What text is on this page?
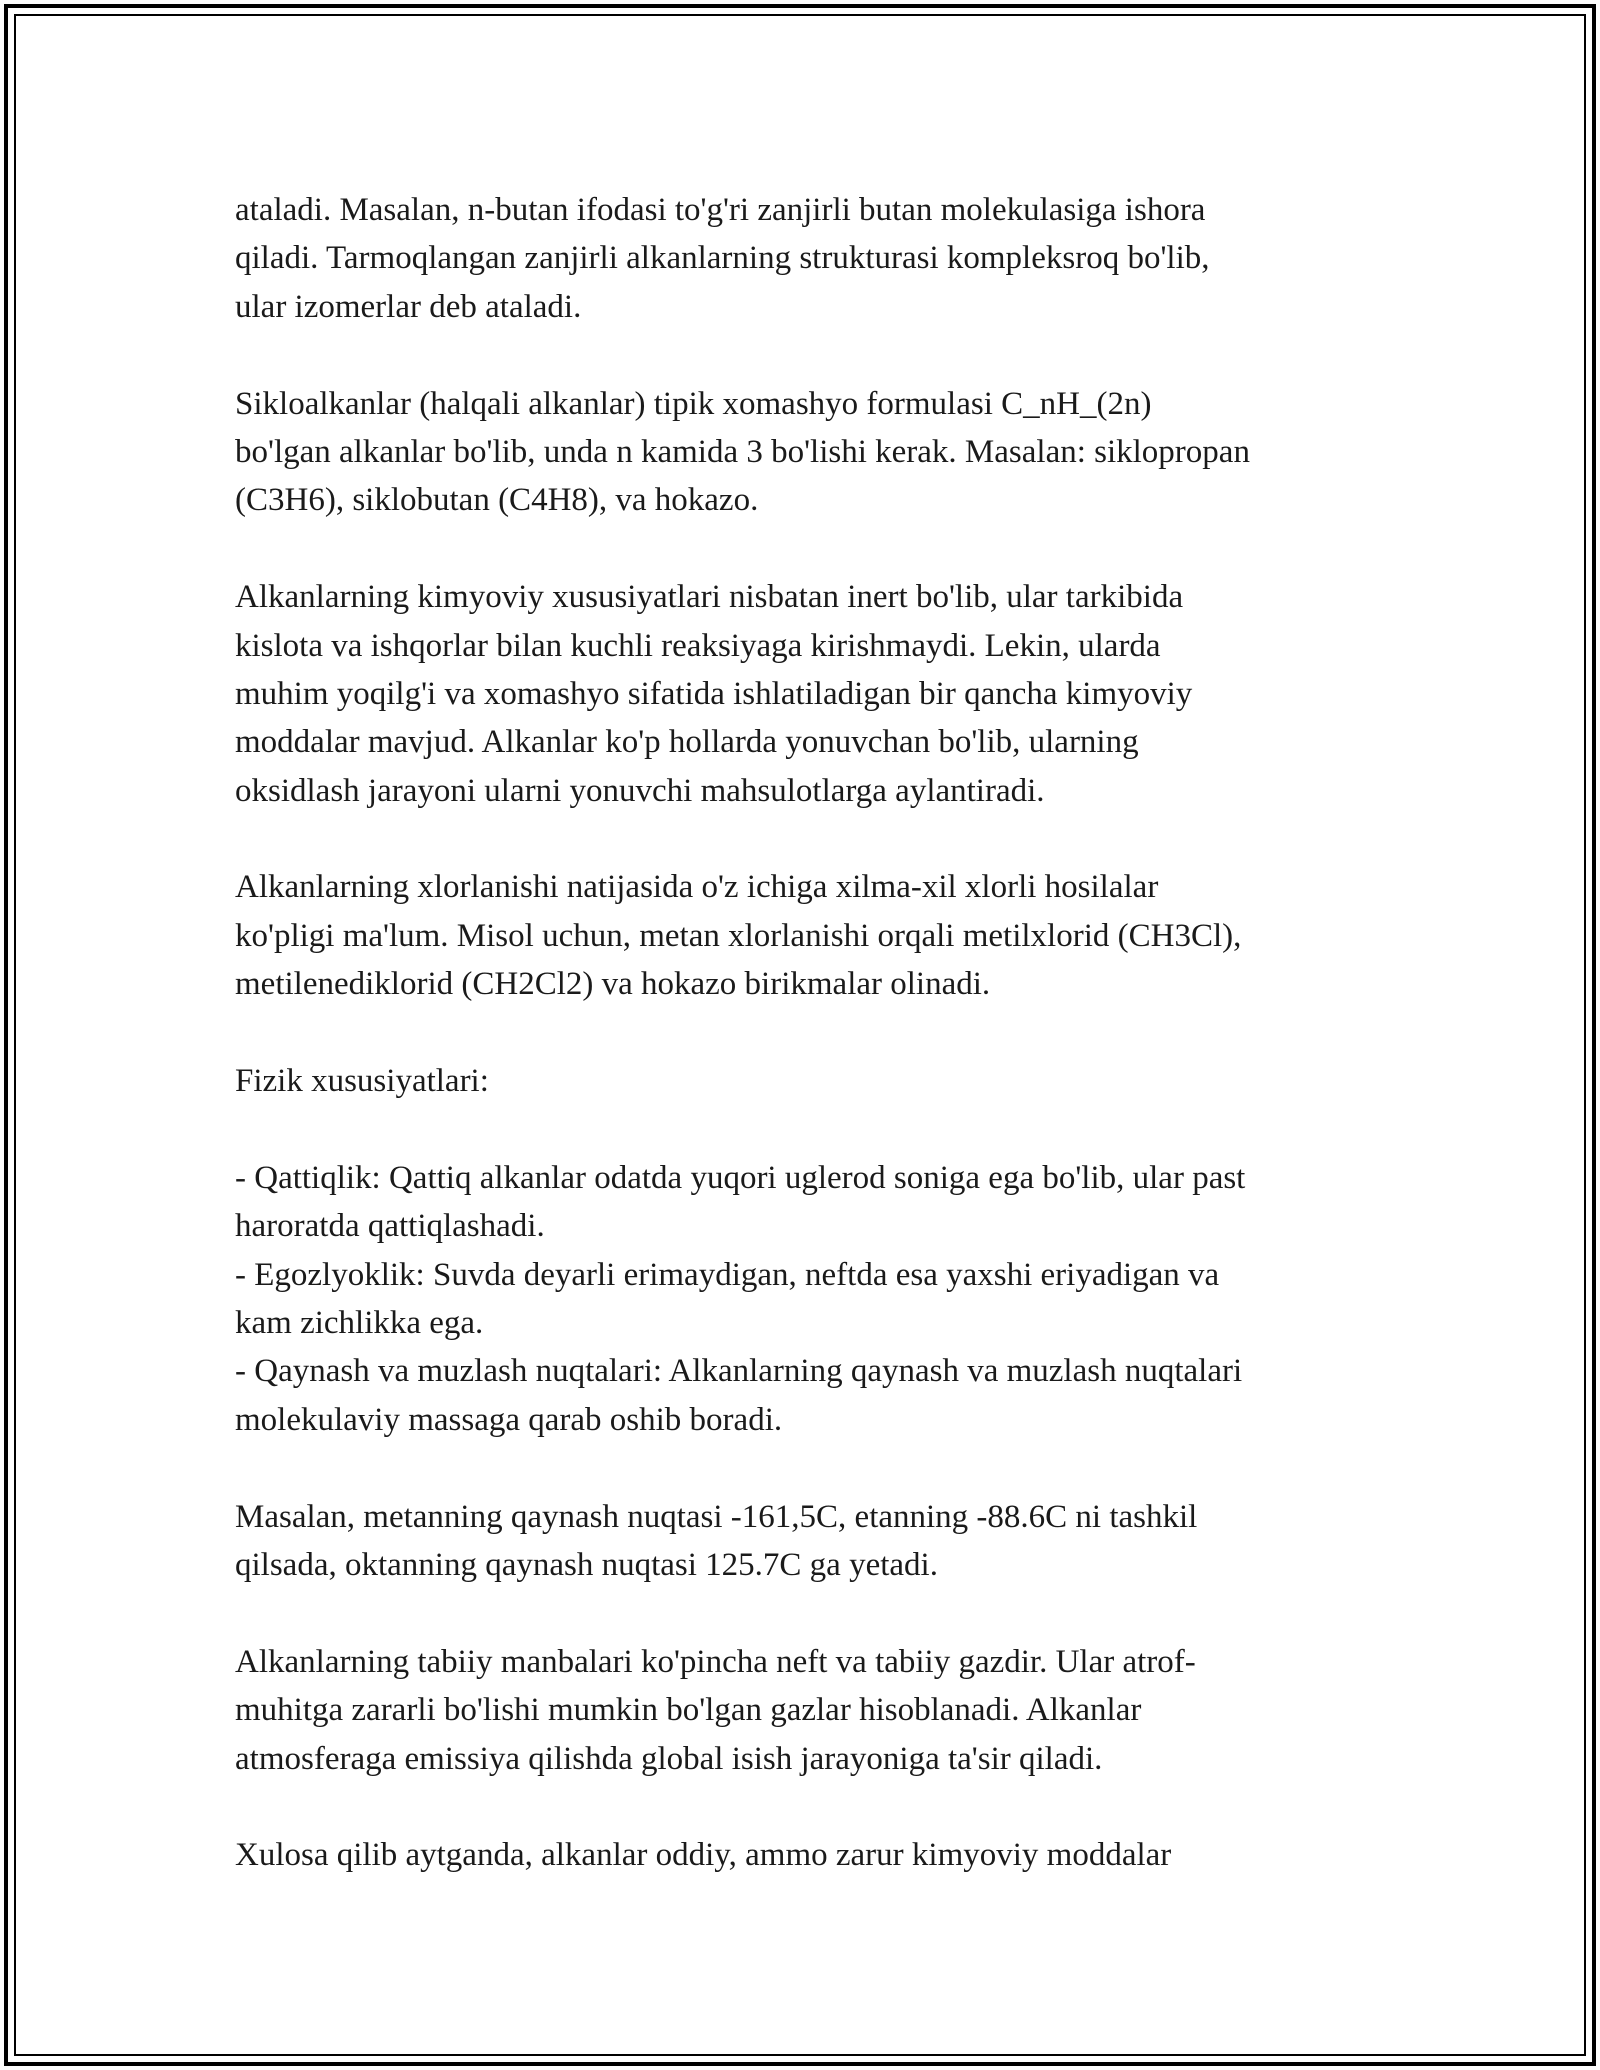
ataladi. Masalan, n-butan ifodasi to'g'ri zanjirli butan molekulasiga ishora
qiladi. Tarmoqlangan zanjirli alkanlarning strukturasi kompleksroq bo'lib,
ular izomerlar deb ataladi.
Sikloalkanlar (halqali alkanlar) tipik xomashyo formulasi C_nH_(2n)
bo'lgan alkanlar bo'lib, unda n kamida 3 bo'lishi kerak. Masalan: siklopropan
(C3H6), siklobutan (C4H8), va hokazo.
Alkanlarning kimyoviy xususiyatlari nisbatan inert bo'lib, ular tarkibida
kislota va ishqorlar bilan kuchli reaksiyaga kirishmaydi. Lekin, ularda
muhim yoqilg'i va xomashyo sifatida ishlatiladigan bir qancha kimyoviy
moddalar mavjud. Alkanlar ko'p hollarda yonuvchan bo'lib, ularning
oksidlash jarayoni ularni yonuvchi mahsulotlarga aylantiradi.
Alkanlarning xlorlanishi natijasida o'z ichiga xilma-xil xlorli hosilalar
ko'pligi ma'lum. Misol uchun, metan xlorlanishi orqali metilxlorid (CH3Cl),
metilenediklorid (CH2Cl2) va hokazo birikmalar olinadi.
Fizik xususiyatlari:
- Qattiqlik: Qattiq alkanlar odatda yuqori uglerod soniga ega bo'lib, ular past
haroratda qattiqlashadi.
- Egozlyoklik: Suvda deyarli erimaydigan, neftda esa yaxshi eriyadigan va
kam zichlikka ega.
- Qaynash va muzlash nuqtalari: Alkanlarning qaynash va muzlash nuqtalari
molekulaviy massaga qarab oshib boradi.
Masalan, metanning qaynash nuqtasi -161,5C, etanning -88.6C ni tashkil
qilsada, oktanning qaynash nuqtasi 125.7C ga yetadi.
Alkanlarning tabiiy manbalari ko'pincha neft va tabiiy gazdir. Ular atrof-
muhitga zararli bo'lishi mumkin bo'lgan gazlar hisoblanadi. Alkanlar
atmosferaga emissiya qilishda global isish jarayoniga ta'sir qiladi.
Xulosa qilib aytganda, alkanlar oddiy, ammo zarur kimyoviy moddalar
